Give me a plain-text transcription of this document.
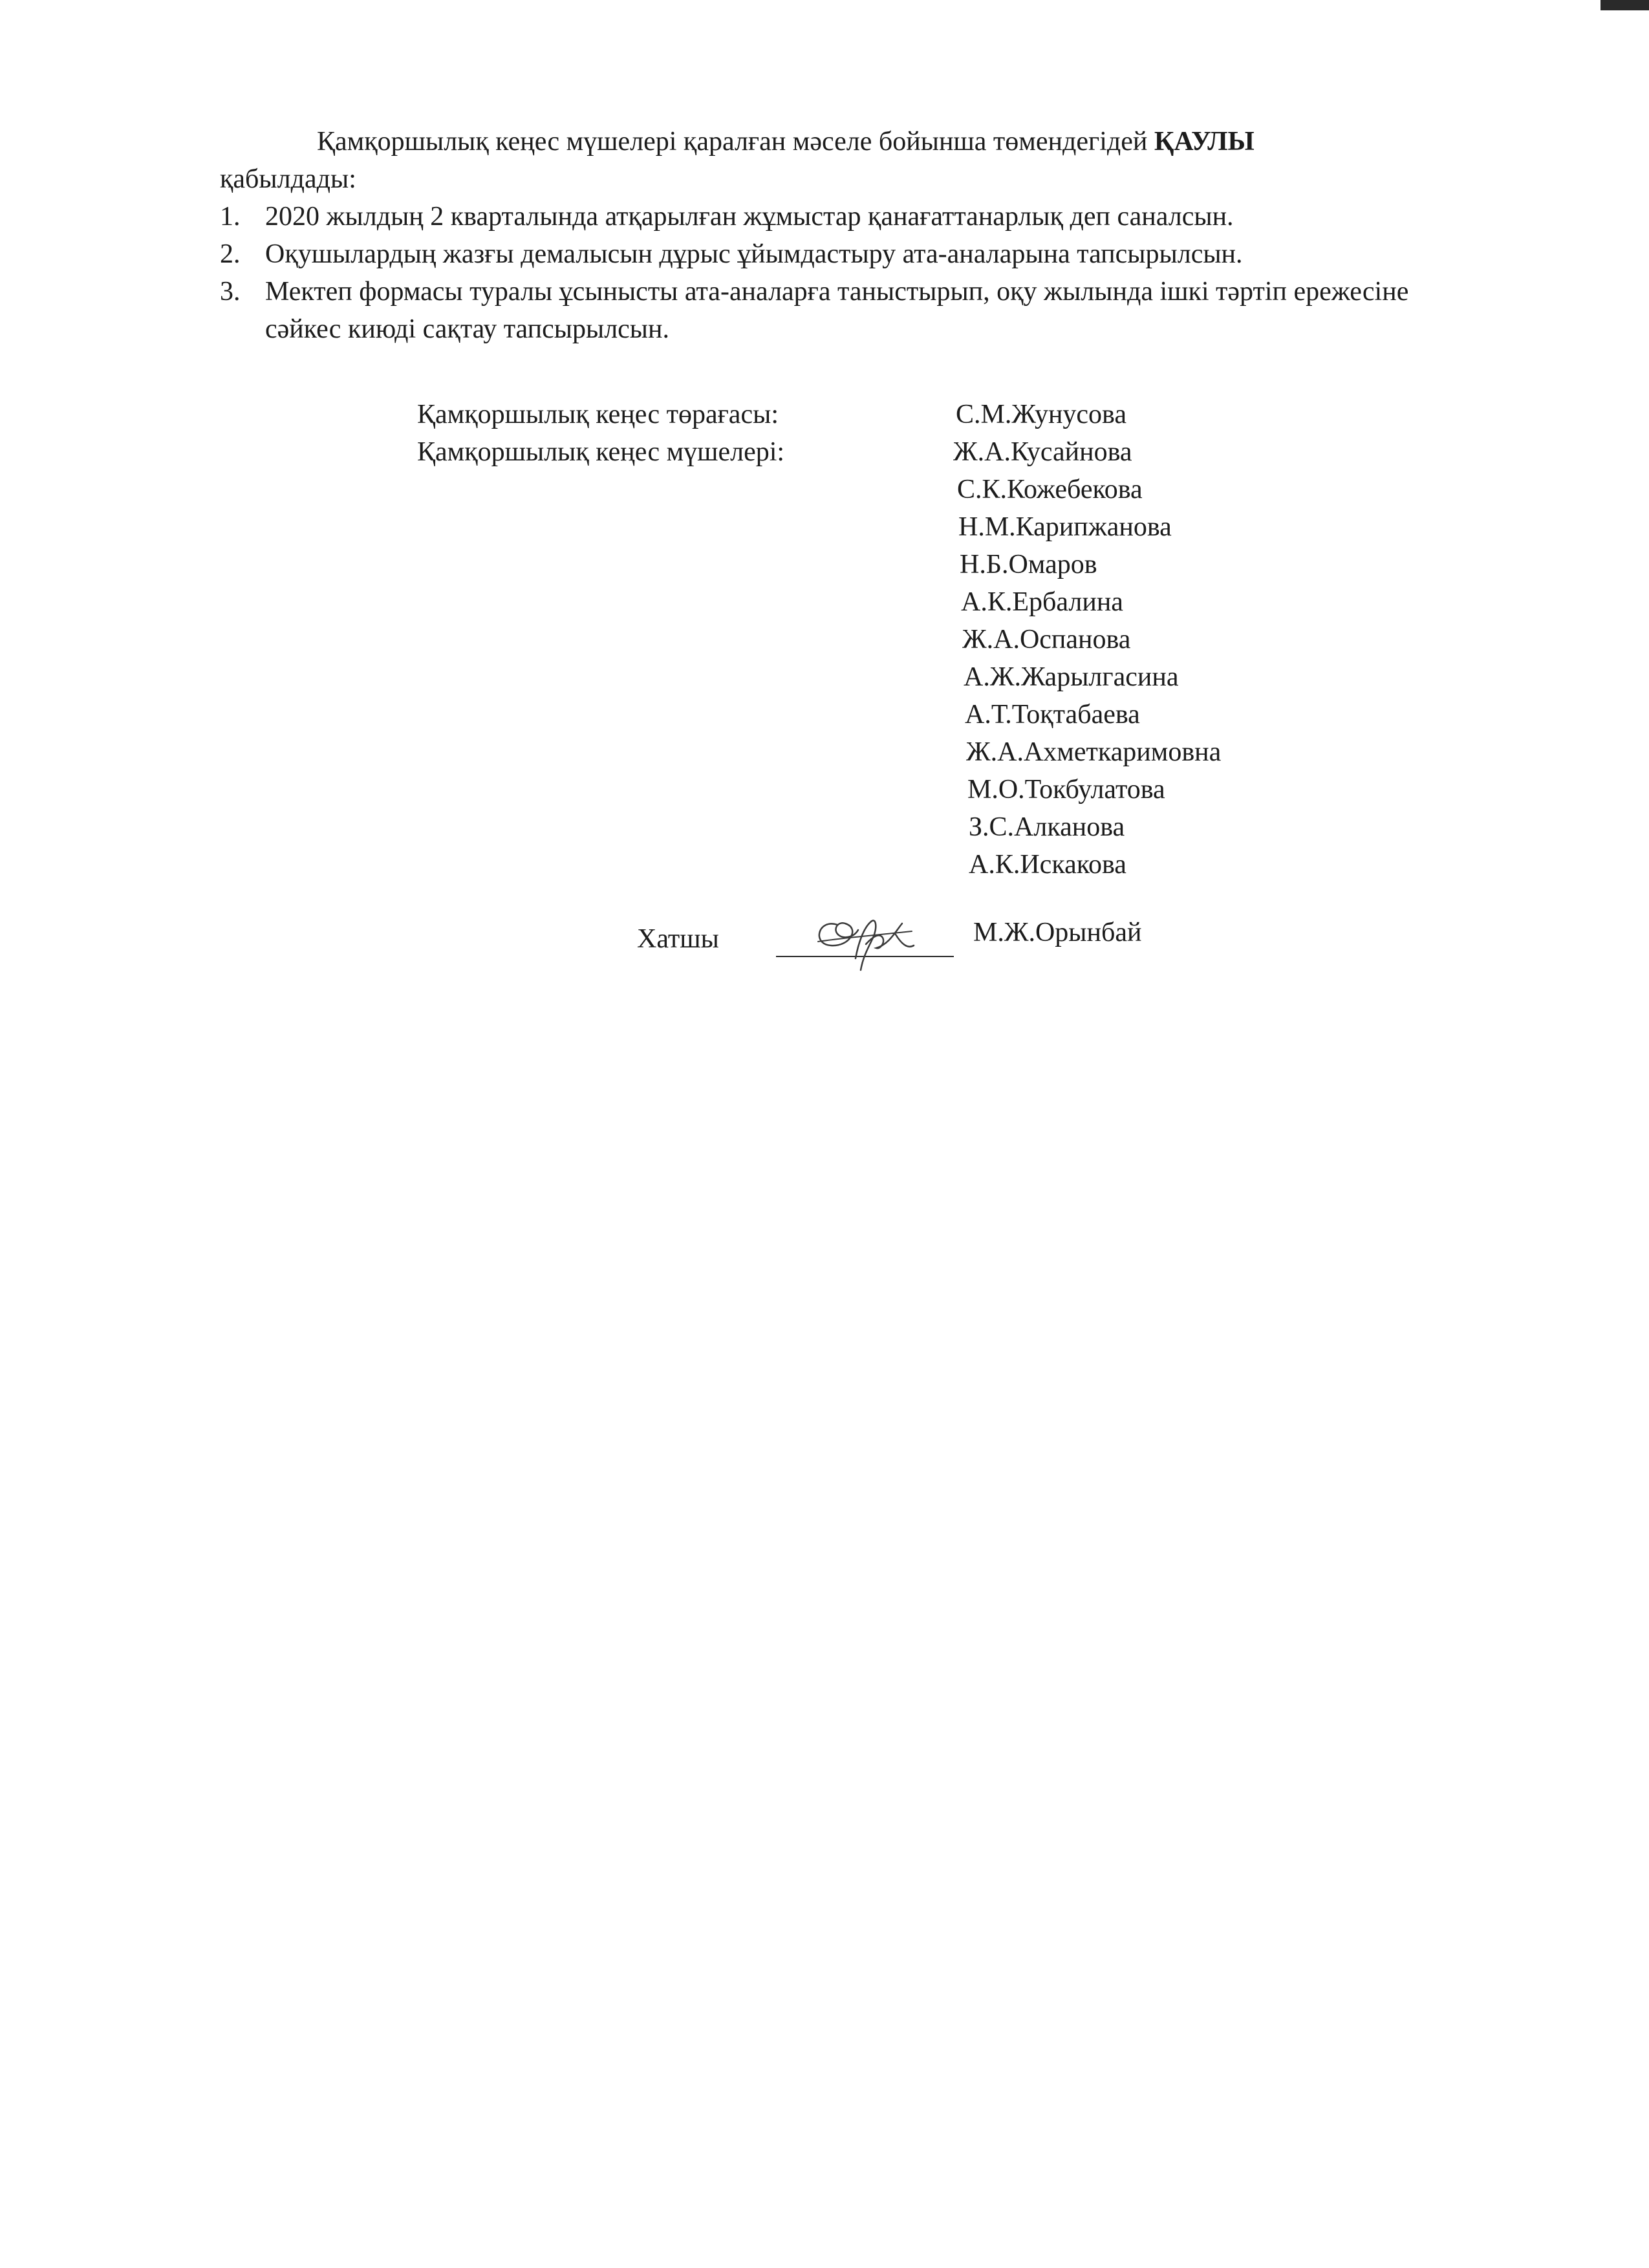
Қамқоршылық кеңес мүшелері қаралған мәселе бойынша төмендегідей ҚАУЛЫ
қабылдады:

1. 2020 жылдың 2 кварталында атқарылған жұмыстар қанағаттанарлық деп саналсын.
2. Оқушылардың жазғы демалысын дұрыс ұйымдастыру ата-аналарына тапсырылсын.
3. Мектеп формасы туралы ұсынысты ата-аналарға таныстырып, оқу жылында ішкі тәртіп ережесіне сәйкес киюді сақтау тапсырылсын.
Қамқоршылық кеңес төрағасы:
Қамқоршылық кеңес мүшелері:
С.М.Жунусова
Ж.А.Кусайнова
С.К.Кожебекова
Н.М.Карипжанова
Н.Б.Омаров
А.К.Ербалина
Ж.А.Оспанова
А.Ж.Жарылгасина
А.Т.Тоқтабаева
Ж.А.Ахметкаримовна
М.О.Токбулатова
З.С.Алканова
А.К.Искакова
Хатшы	М.Ж.Орынбай
